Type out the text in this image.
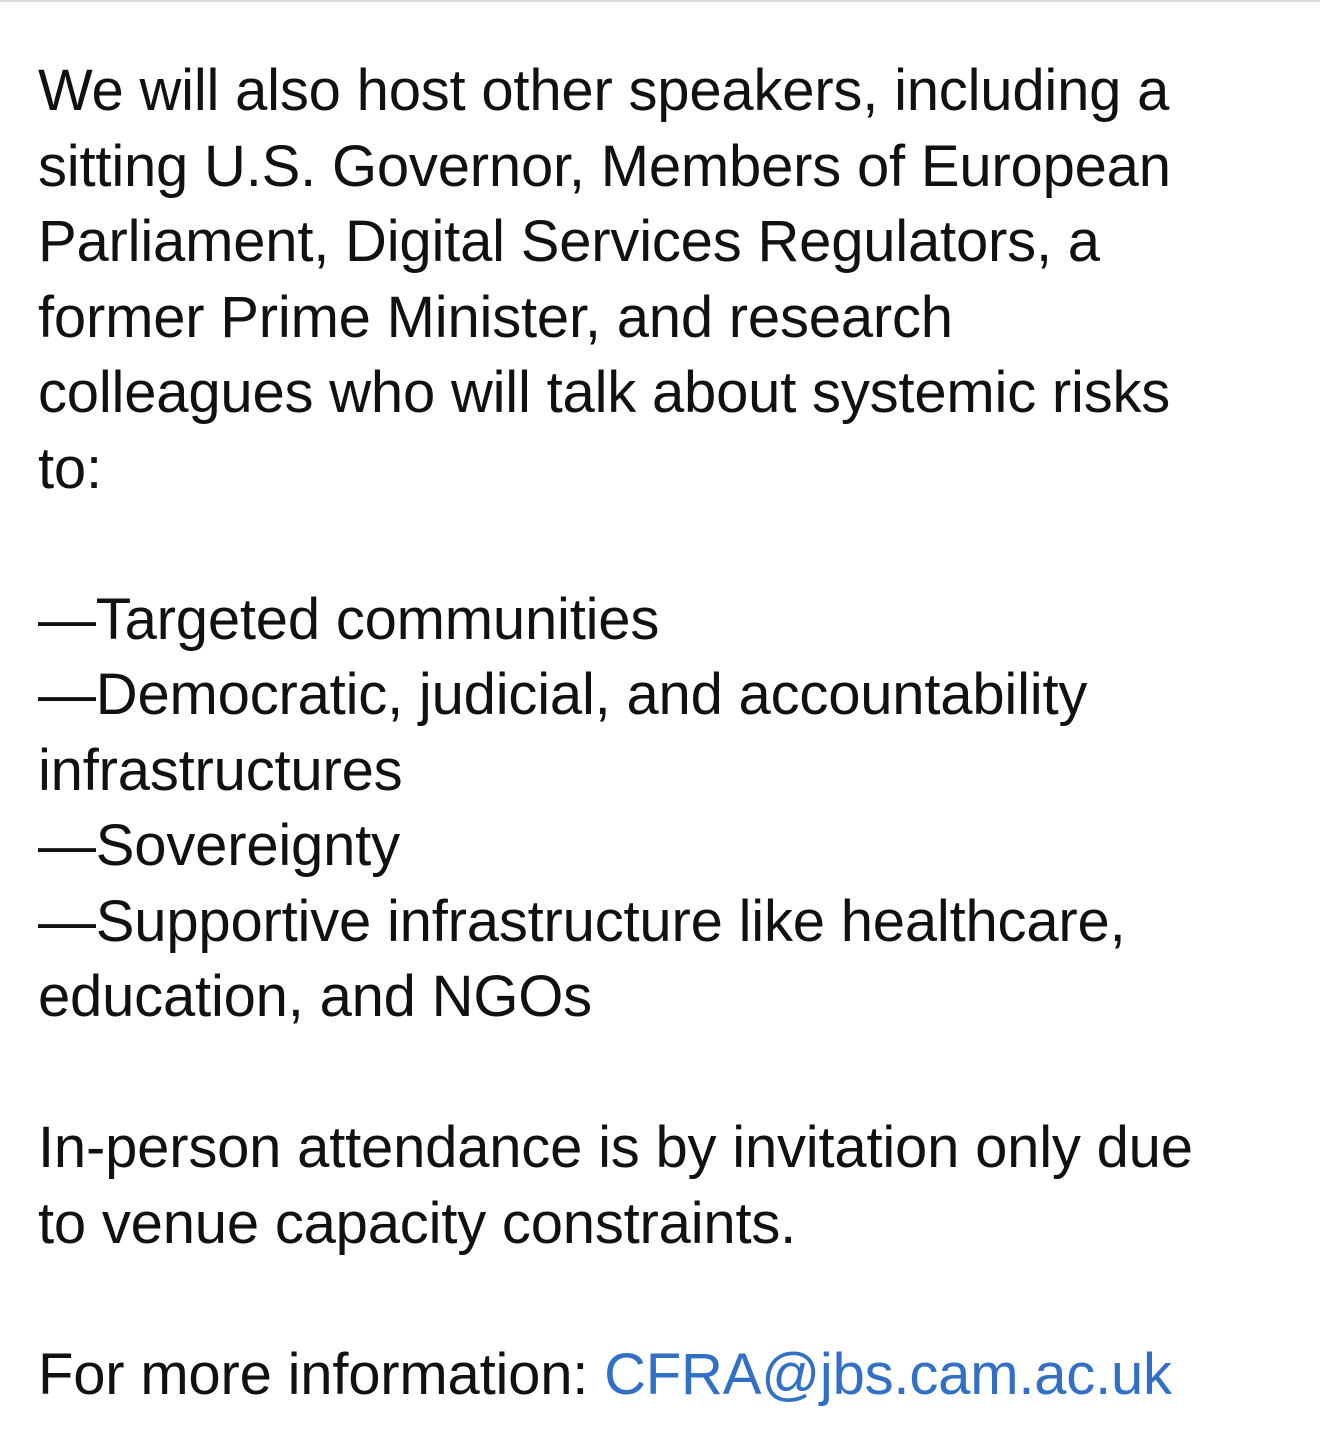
We will also host other speakers, including a
sitting U.S. Governor, Members of European
Parliament, Digital Services Regulators, a
former Prime Minister, and research
colleagues who will talk about systemic risks
to:

—Targeted communities
—Democratic, judicial, and accountability
infrastructures
—Sovereignty
—Supportive infrastructure like healthcare,
education, and NGOs

In-person attendance is by invitation only due
to venue capacity constraints.

For more information: CFRA@jbs.cam.ac.uk
